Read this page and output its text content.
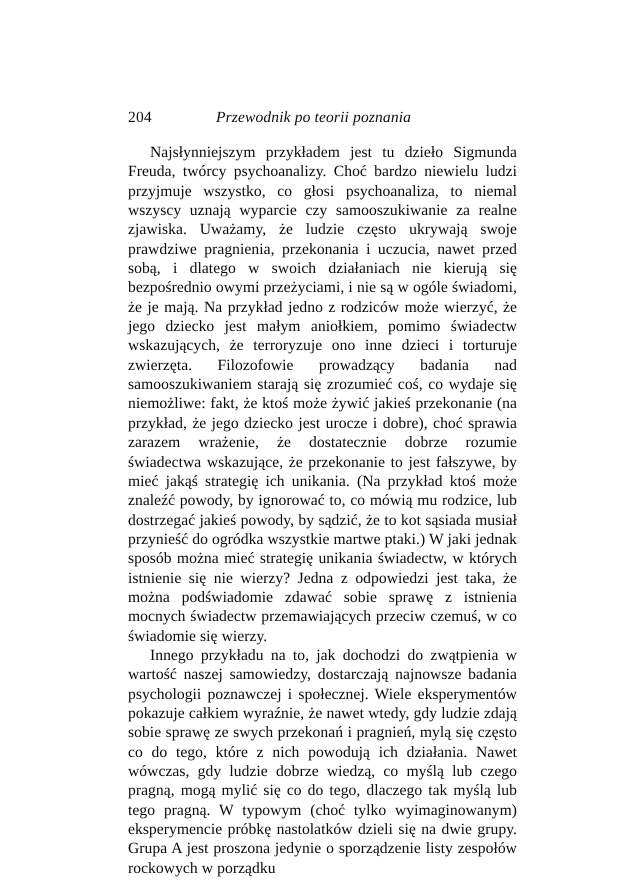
204	Przewodnik po teorii poznania

Najsłynniejszym przykładem jest tu dzieło Sigmunda Freuda, twórcy psychoanalizy. Choć bardzo niewielu ludzi przyjmuje wszystko, co głosi psychoanaliza, to niemal wszyscy uznają wyparcie czy samooszukiwanie za realne zjawiska. Uważamy, że ludzie często ukrywają swoje prawdziwe pragnienia, przekonania i uczucia, nawet przed sobą, i dlatego w swoich działaniach nie kierują się bezpośrednio owymi przeżyciami, i nie są w ogóle świadomi, że je mają. Na przykład jedno z rodziców może wierzyć, że jego dziecko jest małym aniołkiem, pomimo świadectw wskazujących, że terroryzuje ono inne dzieci i torturuje zwierzęta. Filozofowie prowadzący badania nad samooszukiwaniem starają się zrozumieć coś, co wydaje się niemożliwe: fakt, że ktoś może żywić jakieś przekonanie (na przykład, że jego dziecko jest urocze i dobre), choć sprawia zarazem wrażenie, że dostatecznie dobrze rozumie świadectwa wskazujące, że przekonanie to jest fałszywe, by mieć jakąś strategię ich unikania. (Na przykład ktoś może znaleźć powody, by ignorować to, co mówią mu rodzice, lub dostrzegać jakieś powody, by sądzić, że to kot sąsiada musiał przynieść do ogródka wszystkie martwe ptaki.) W jaki jednak sposób można mieć strategię unikania świadectw, w których istnienie się nie wierzy? Jedna z odpowiedzi jest taka, że można podświadomie zdawać sobie sprawę z istnienia mocnych świadectw przemawiających przeciw czemuś, w co świadomie się wierzy.

Innego przykładu na to, jak dochodzi do zwątpienia w wartość naszej samowiedzy, dostarczają najnowsze badania psychologii poznawczej i społecznej. Wiele eksperymentów pokazuje całkiem wyraźnie, że nawet wtedy, gdy ludzie zdają sobie sprawę ze swych przekonań i pragnień, mylą się często co do tego, które z nich powodują ich działania. Nawet wówczas, gdy ludzie dobrze wiedzą, co myślą lub czego pragną, mogą mylić się co do tego, dlaczego tak myślą lub tego pragną. W typowym (choć tylko wyimaginowanym) eksperymencie próbkę nastolatków dzieli się na dwie grupy. Grupa A jest proszona jedynie o sporządzenie listy zespołów rockowych w porządku
